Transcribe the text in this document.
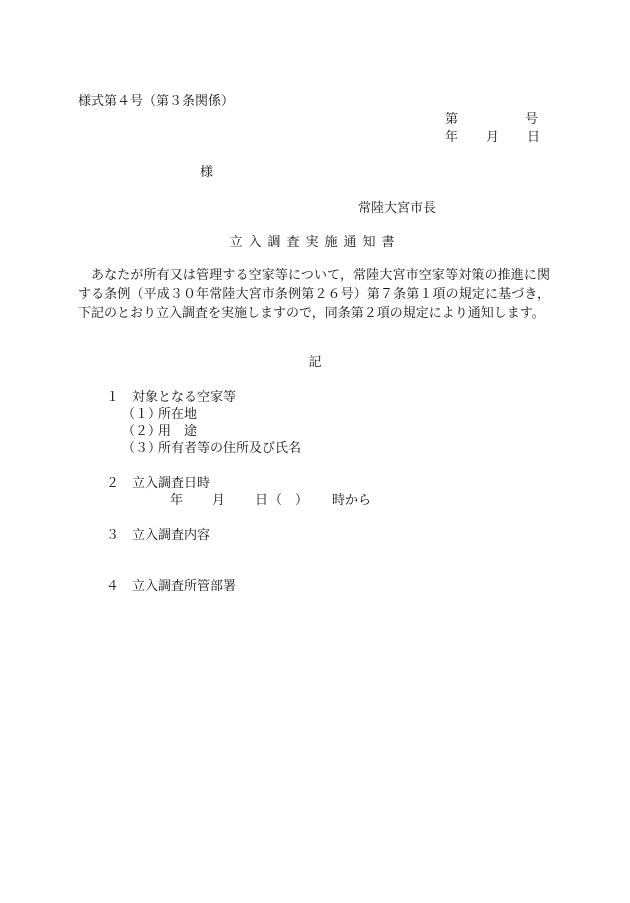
様式第４号（第３条関係）
第	号
年 月 日
様
常陸大宮市長
立入調査実施通知書
あなたが所有又は管理する空家等について，常陸大宮市空家等対策の推進に関する条例（平成３０年常陸大宮市条例第２６号）第７条第１項の規定に基づき，下記のとおり立入調査を実施しますので，同条第２項の規定により通知します。
記
１ 対象となる空家等
（１）
所在地
（２）
用　途
（３）
所有者等の住所及び氏名
２ 立入調査日時
年 月 日 （　） 時から
３ 立入調査内容
４ 立入調査所管部署
